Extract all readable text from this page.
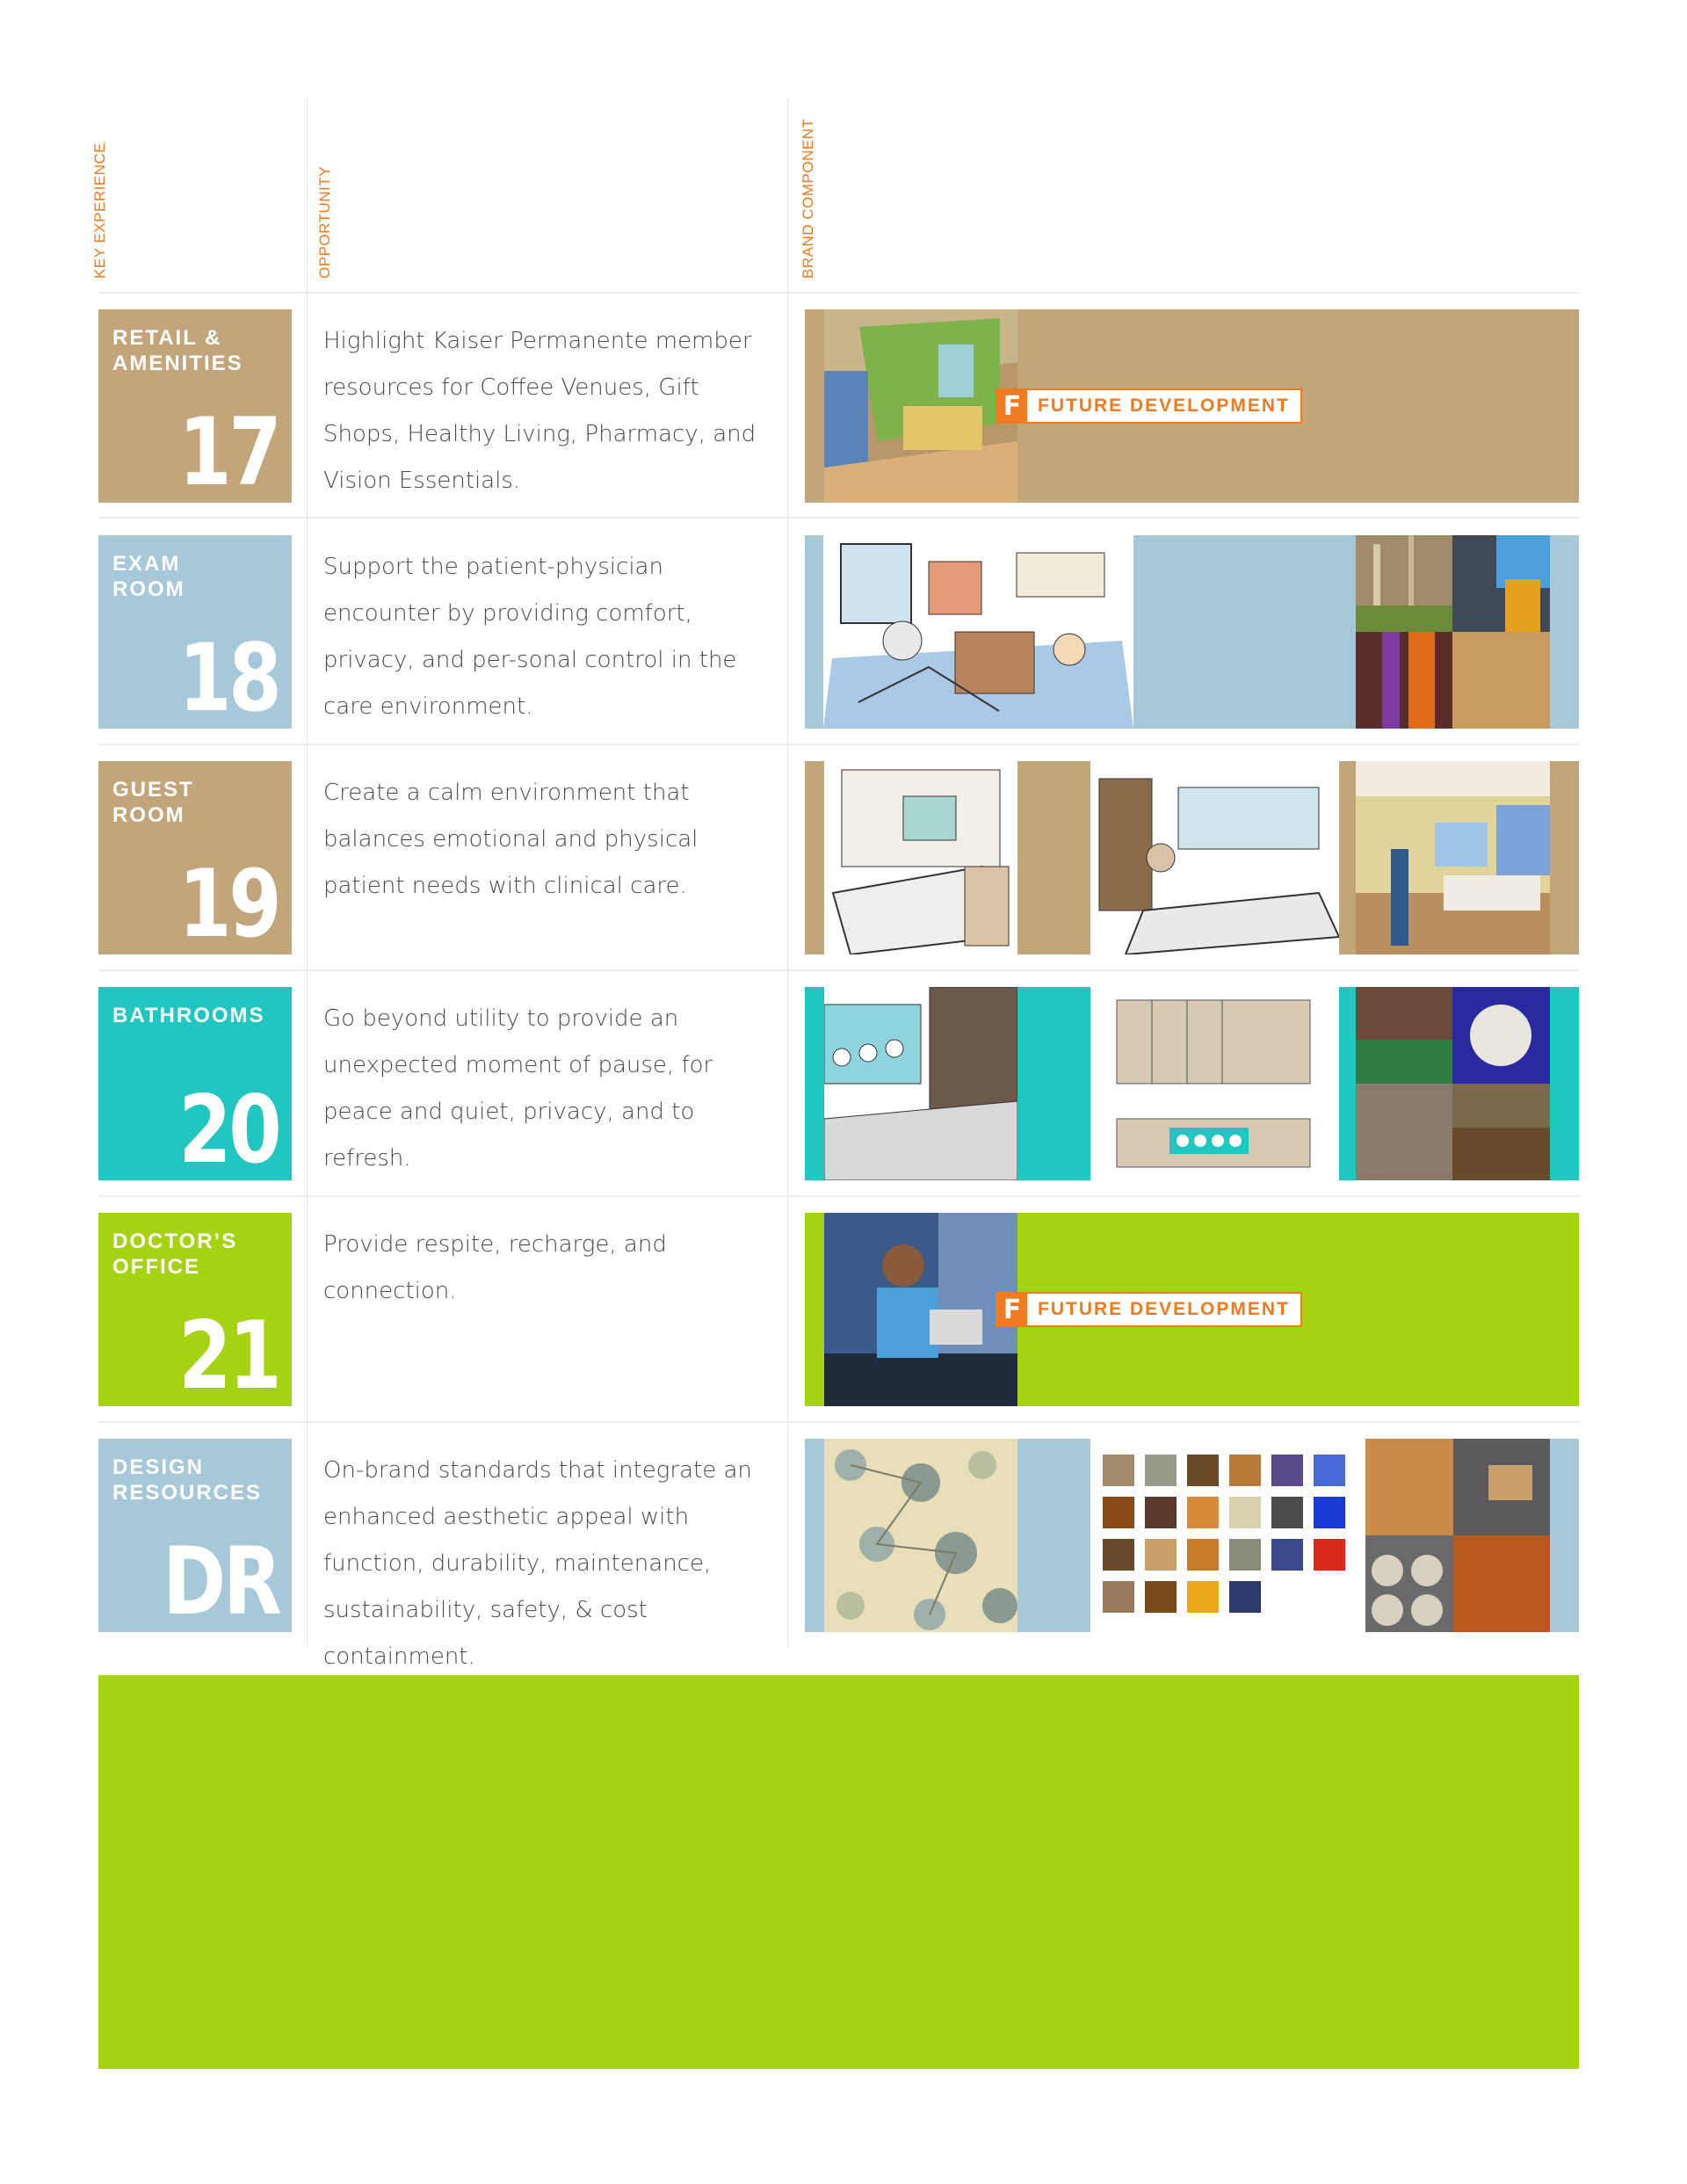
KEY EXPERIENCE	OPPORTUNITY	BRAND COMPONENT
RETAIL &
AMENITIES
17
Highlight Kaiser Permanente member resources for Coffee Venues, Gift Shops, Healthy Living, Pharmacy, and Vision Essentials.
F FUTURE DEVELOPMENT
EXAM
ROOM
18
Support the patient-physician encounter by providing comfort, privacy, and per-sonal control in the care environment.
GUEST
ROOM
19
Create a calm environment that balances emotional and physical patient needs with clinical care.
BATHROOMS
20
Go beyond utility to provide an unexpected moment of pause, for peace and quiet, privacy, and to refresh.
DOCTOR’S
OFFICE
21
Provide respite, recharge, and connection.
F FUTURE DEVELOPMENT
DESIGN
RESOURCES
DR
On-brand standards that integrate an enhanced aesthetic appeal with function, durability, maintenance, sustainability, safety, & cost containment.
